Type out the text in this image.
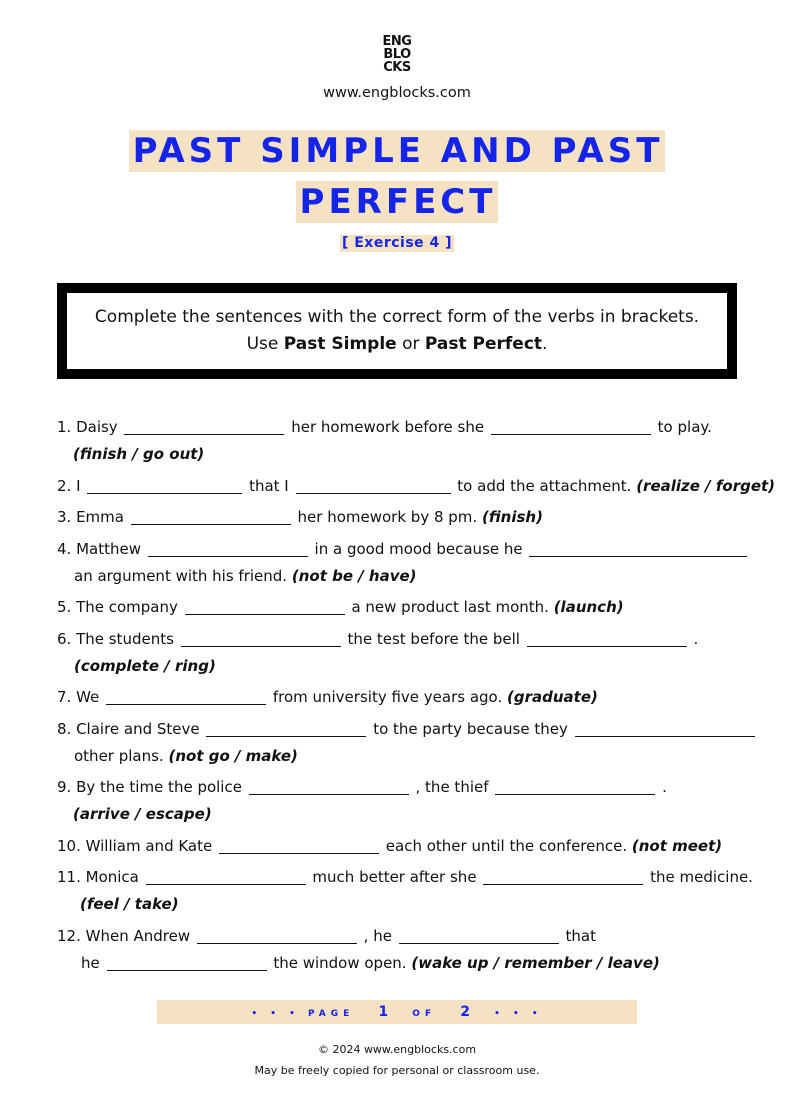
ENG
BLO
CKS
www.engblocks.com
PAST SIMPLE AND PAST
PERFECT
[ Exercise 4 ]
Complete the sentences with the correct form of the verbs in brackets.
Use Past Simple or Past Perfect.
1. Daisy	her homework before she	to play.
(finish / go out)
2. I	that I	to add the attachment. (realize / forget)
3. Emma	her homework by 8 pm. (finish)
4. Matthew	in a good mood because he
an argument with his friend. (not be / have)
5. The company	a new product last month. (launch)
6. The students	the test before the bell	.
(complete / ring)
7. We	from university five years ago. (graduate)
8. Claire and Steve	to the party because they
other plans. (not go / make)
9. By the time the police	, the thief	.
(arrive / escape)
10. William and Kate	each other until the conference. (not meet)
11. Monica	much better after she	the medicine.
(feel / take)
12. When Andrew	, he	that
he	the window open. (wake up / remember / leave)
• • • PAGE 1	OF 2	• • •
© 2024 www.engblocks.com
May be freely copied for personal or classroom use.
